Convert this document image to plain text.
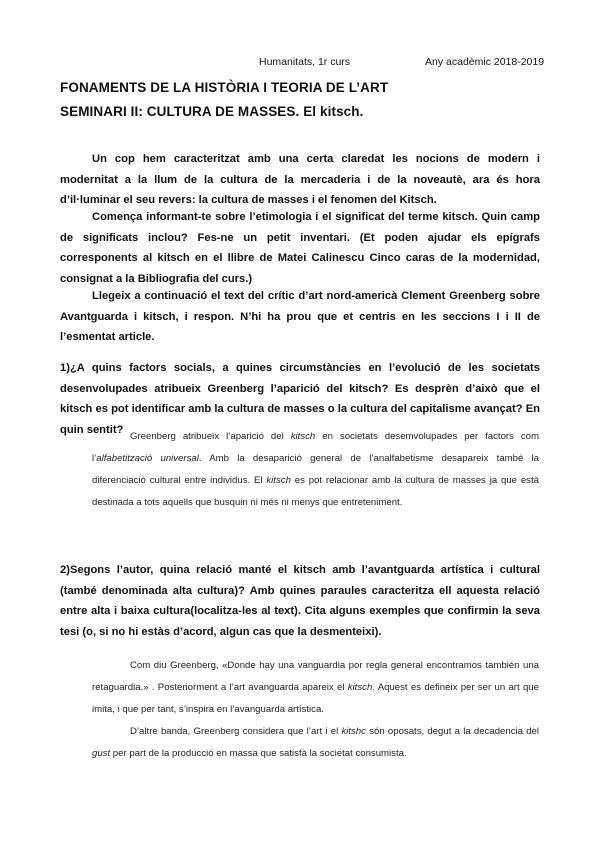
Humanitats, 1r curs	Any acadèmic 2018-2019
FONAMENTS DE LA HISTÒRIA I TEORIA DE L’ART
SEMINARI II: CULTURA DE MASSES. El kitsch.
Un cop hem caracteritzat amb una certa claredat les nocions de modern i modernitat a la llum de la cultura de la mercaderia i de la noveautè, ara és hora d’il·luminar el seu revers: la cultura de masses i el fenomen del Kitsch.
Comença informant-te sobre l’etimologia i el significat del terme kitsch. Quin camp de significats inclou? Fes-ne un petit inventari. (Et poden ajudar els epígrafs corresponents al kitsch en el llibre de Matei Calinescu Cinco caras de la modernidad, consignat a la Bibliografia del curs.)
Llegeix a continuació el text del crític d’art nord-americà Clement Greenberg sobre Avantguarda i kitsch, i respon. N’hi ha prou que et centris en les seccions I i II de l’esmentat article.
1)¿A quins factors socials, a quines circumstàncies en l’evolució de les societats desenvolupades atribueix Greenberg l’aparició del kitsch? Es desprèn d’això que el kitsch es pot identificar amb la cultura de masses o la cultura del capitalisme avançat? En quin sentit?
Greenberg atribueix l’aparició del kitsch en societats desemvolupades per factors com l’alfabetització universal. Amb la desaparició general de l’analfabetisme desapareix també la diferenciació cultural entre individus. El kitsch es pot relacionar amb la cultura de masses ja que està destinada a tots aquells que busquin ni més ni menys que entreteniment.
2)Segons l’autor, quina relació manté el kitsch amb l’avantguarda artística i cultural (també denominada alta cultura)? Amb quines paraules caracteritza ell aquesta relació entre alta i baixa cultura(localitza-les al text). Cita alguns exemples que confirmin la seva tesi (o, si no hi estàs d’acord, algun cas que la desmenteixi).
Com diu Greenberg, «Donde hay una vanguardia por regla general encontramos también una retaguardia.» . Posteriorment a l’art avanguarda apareix el kitsch. Aquest es defineix per ser un art que imita, i que per tant, s’inspira en l’avanguarda artística.
D’altre banda, Greenberg considera que l’art i el kitshc són oposats, degut a la decadencia del gust per part de la producció en massa que satisfà la societat consumista.
